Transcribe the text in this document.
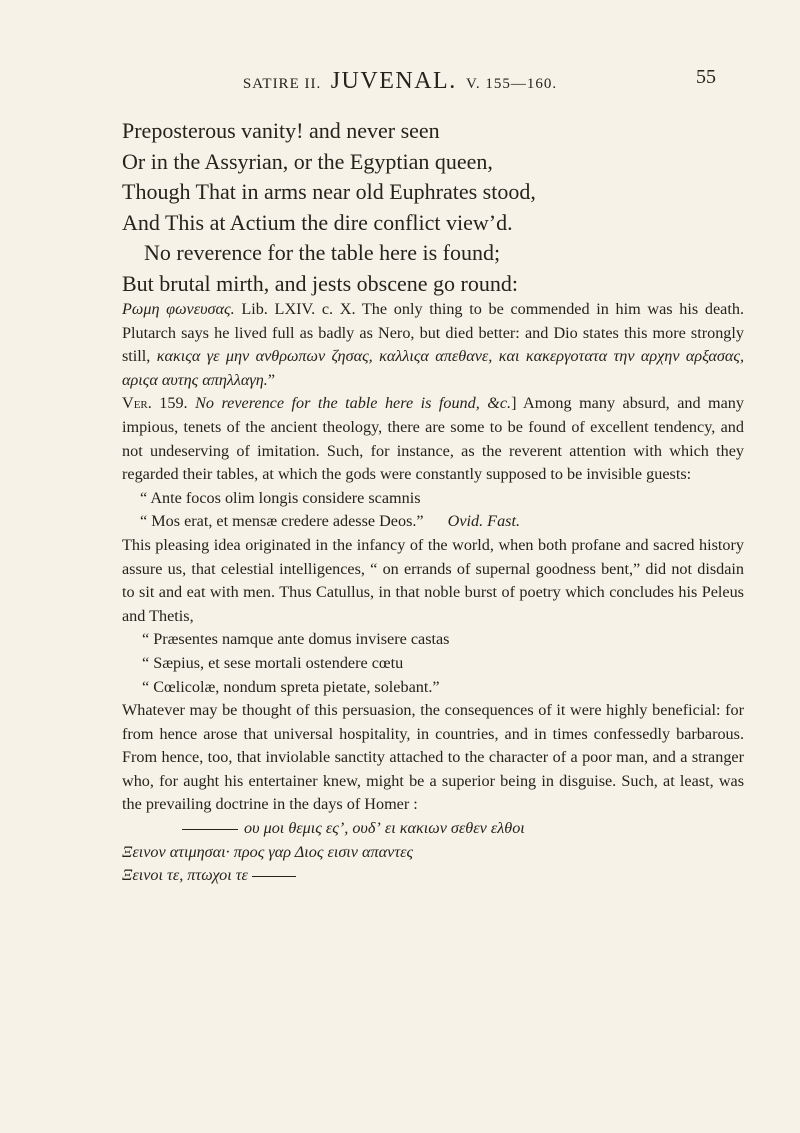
SATIRE II. JUVENAL. V. 155—160.	55
Preposterous vanity! and never seen
Or in the Assyrian, or the Egyptian queen,
Though That in arms near old Euphrates stood,
And This at Actium the dire conflict view’d.
No reverence for the table here is found;
But brutal mirth, and jests obscene go round:
Ρωμη φωνευσας. Lib. LXIV. c. X. The only thing to be commended in him was his death. Plutarch says he lived full as badly as Nero, but died better: and Dio states this more strongly still, κακιςα γε μην ανθρωπων ζησας, καλλιςα απεθανε, και κακεργοτατα την αρχην αρξασας, αριςα αυτης απηλλαγη.”
Ver. 159. No reverence for the table here is found, &c.] Among many absurd, and many impious, tenets of the ancient theology, there are some to be found of excellent tendency, and not undeserving of imitation. Such, for instance, as the reverent attention with which they regarded their tables, at which the gods were constantly supposed to be invisible guests:
“ Ante focos olim longis considere scamnis
“ Mos erat, et mensæ credere adesse Deos.” Ovid. Fast.
This pleasing idea originated in the infancy of the world, when both profane and sacred history assure us, that celestial intelligences, “ on errands of supernal goodness bent,” did not disdain to sit and eat with men. Thus Catullus, in that noble burst of poetry which concludes his Peleus and Thetis,
“ Præsentes namque ante domus invisere castas
“ Sæpius, et sese mortali ostendere cœtu
“ Cœlicolæ, nondum spreta pietate, solebant.”
Whatever may be thought of this persuasion, the consequences of it were highly beneficial: for from hence arose that universal hospitality, in countries, and in times confessedly barbarous. From hence, too, that inviolable sanctity attached to the character of a poor man, and a stranger who, for aught his entertainer knew, might be a superior being in disguise. Such, at least, was the prevailing doctrine in the days of Homer :
ου μοι θεμις εςʼ, ουδʼ ει κακιων σεθεν ελθοι
Ξεινον ατιμησαι· προς γαρ Διος εισιν απαντες
Ξεινοι τε, πτωχοι τε
